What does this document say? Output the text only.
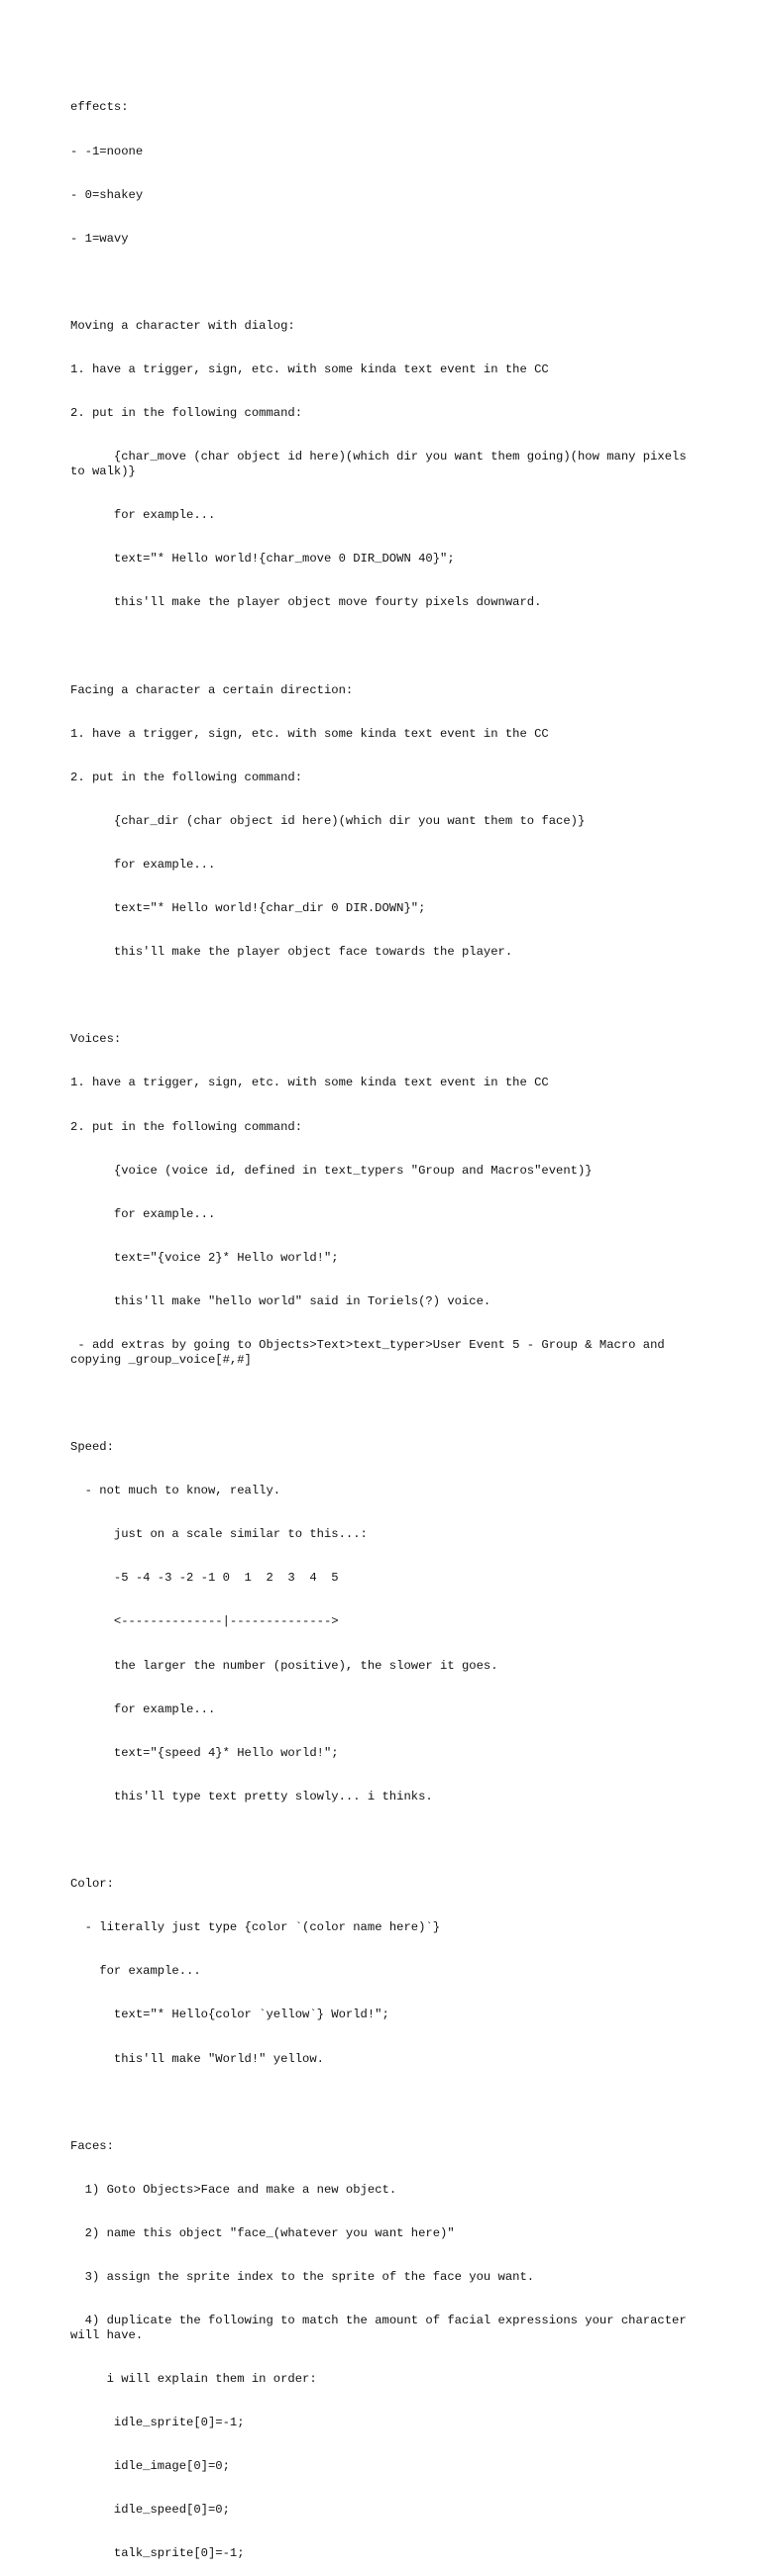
effects:

- -1=noone

- 0=shakey

- 1=wavy

Moving a character with dialog:

1. have a trigger, sign, etc. with some kinda text event in the CC

2. put in the following command:

{char_move (char object id here)(which dir you want them going)(how many pixels to walk)}

for example...

text="* Hello world!{char_move 0 DIR_DOWN 40}";

this'll make the player object move fourty pixels downward.

Facing a character a certain direction:

1. have a trigger, sign, etc. with some kinda text event in the CC

2. put in the following command:

{char_dir (char object id here)(which dir you want them to face)}

for example...

text="* Hello world!{char_dir 0 DIR.DOWN}";

this'll make the player object face towards the player.

Voices:

1. have a trigger, sign, etc. with some kinda text event in the CC

2. put in the following command:

{voice (voice id, defined in text_typers "Group and Macros"event)}

for example...

text="{voice 2}* Hello world!";

this'll make "hello world" said in Toriels(?) voice.

- add extras by going to Objects>Text>text_typer>User Event 5 - Group & Macro and copying _group_voice[#,#]

Speed:

- not much to know, really.

just on a scale similar to this...:

-5 -4 -3 -2 -1 0  1  2  3  4  5

<--------------|-------------->

the larger the number (positive), the slower it goes.

for example...

text="{speed 4}* Hello world!";

this'll type text pretty slowly... i thinks.

Color:

- literally just type {color `(color name here)`}

for example...

text="* Hello{color `yellow`} World!";

this'll make "World!" yellow.

Faces:

1) Goto Objects>Face and make a new object.

2) name this object "face_(whatever you want here)"

3) assign the sprite index to the sprite of the face you want.

4) duplicate the following to match the amount of facial expressions your character will have.

i will explain them in order:

idle_sprite[0]=-1;

idle_image[0]=0;

idle_speed[0]=0;

talk_sprite[0]=-1;
